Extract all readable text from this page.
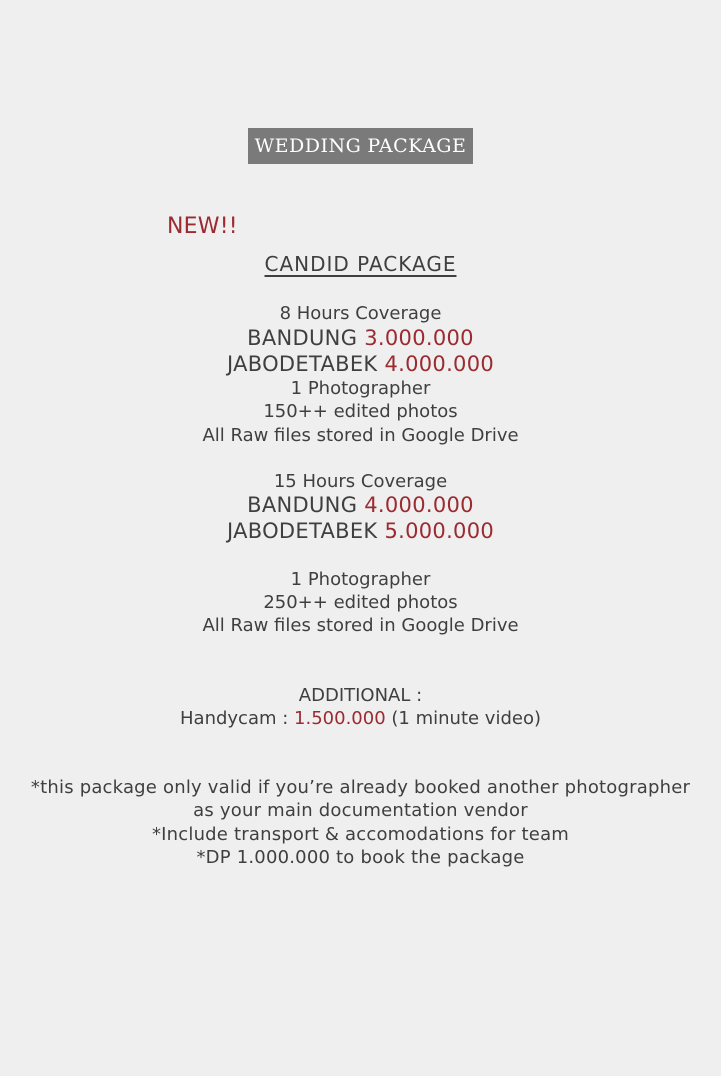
WEDDING PACKAGE
NEW!!
CANDID PACKAGE
8 Hours Coverage
BANDUNG 3.000.000
JABODETABEK 4.000.000
1 Photographer
150++ edited photos
All Raw files stored in Google Drive
15 Hours Coverage
BANDUNG 4.000.000
JABODETABEK 5.000.000
1 Photographer
250++ edited photos
All Raw files stored in Google Drive
ADDITIONAL :
Handycam : 1.500.000 (1 minute video)
*this package only valid if you’re already booked another photographer
as your main documentation vendor
*Include transport & accomodations for team
*DP 1.000.000 to book the package
